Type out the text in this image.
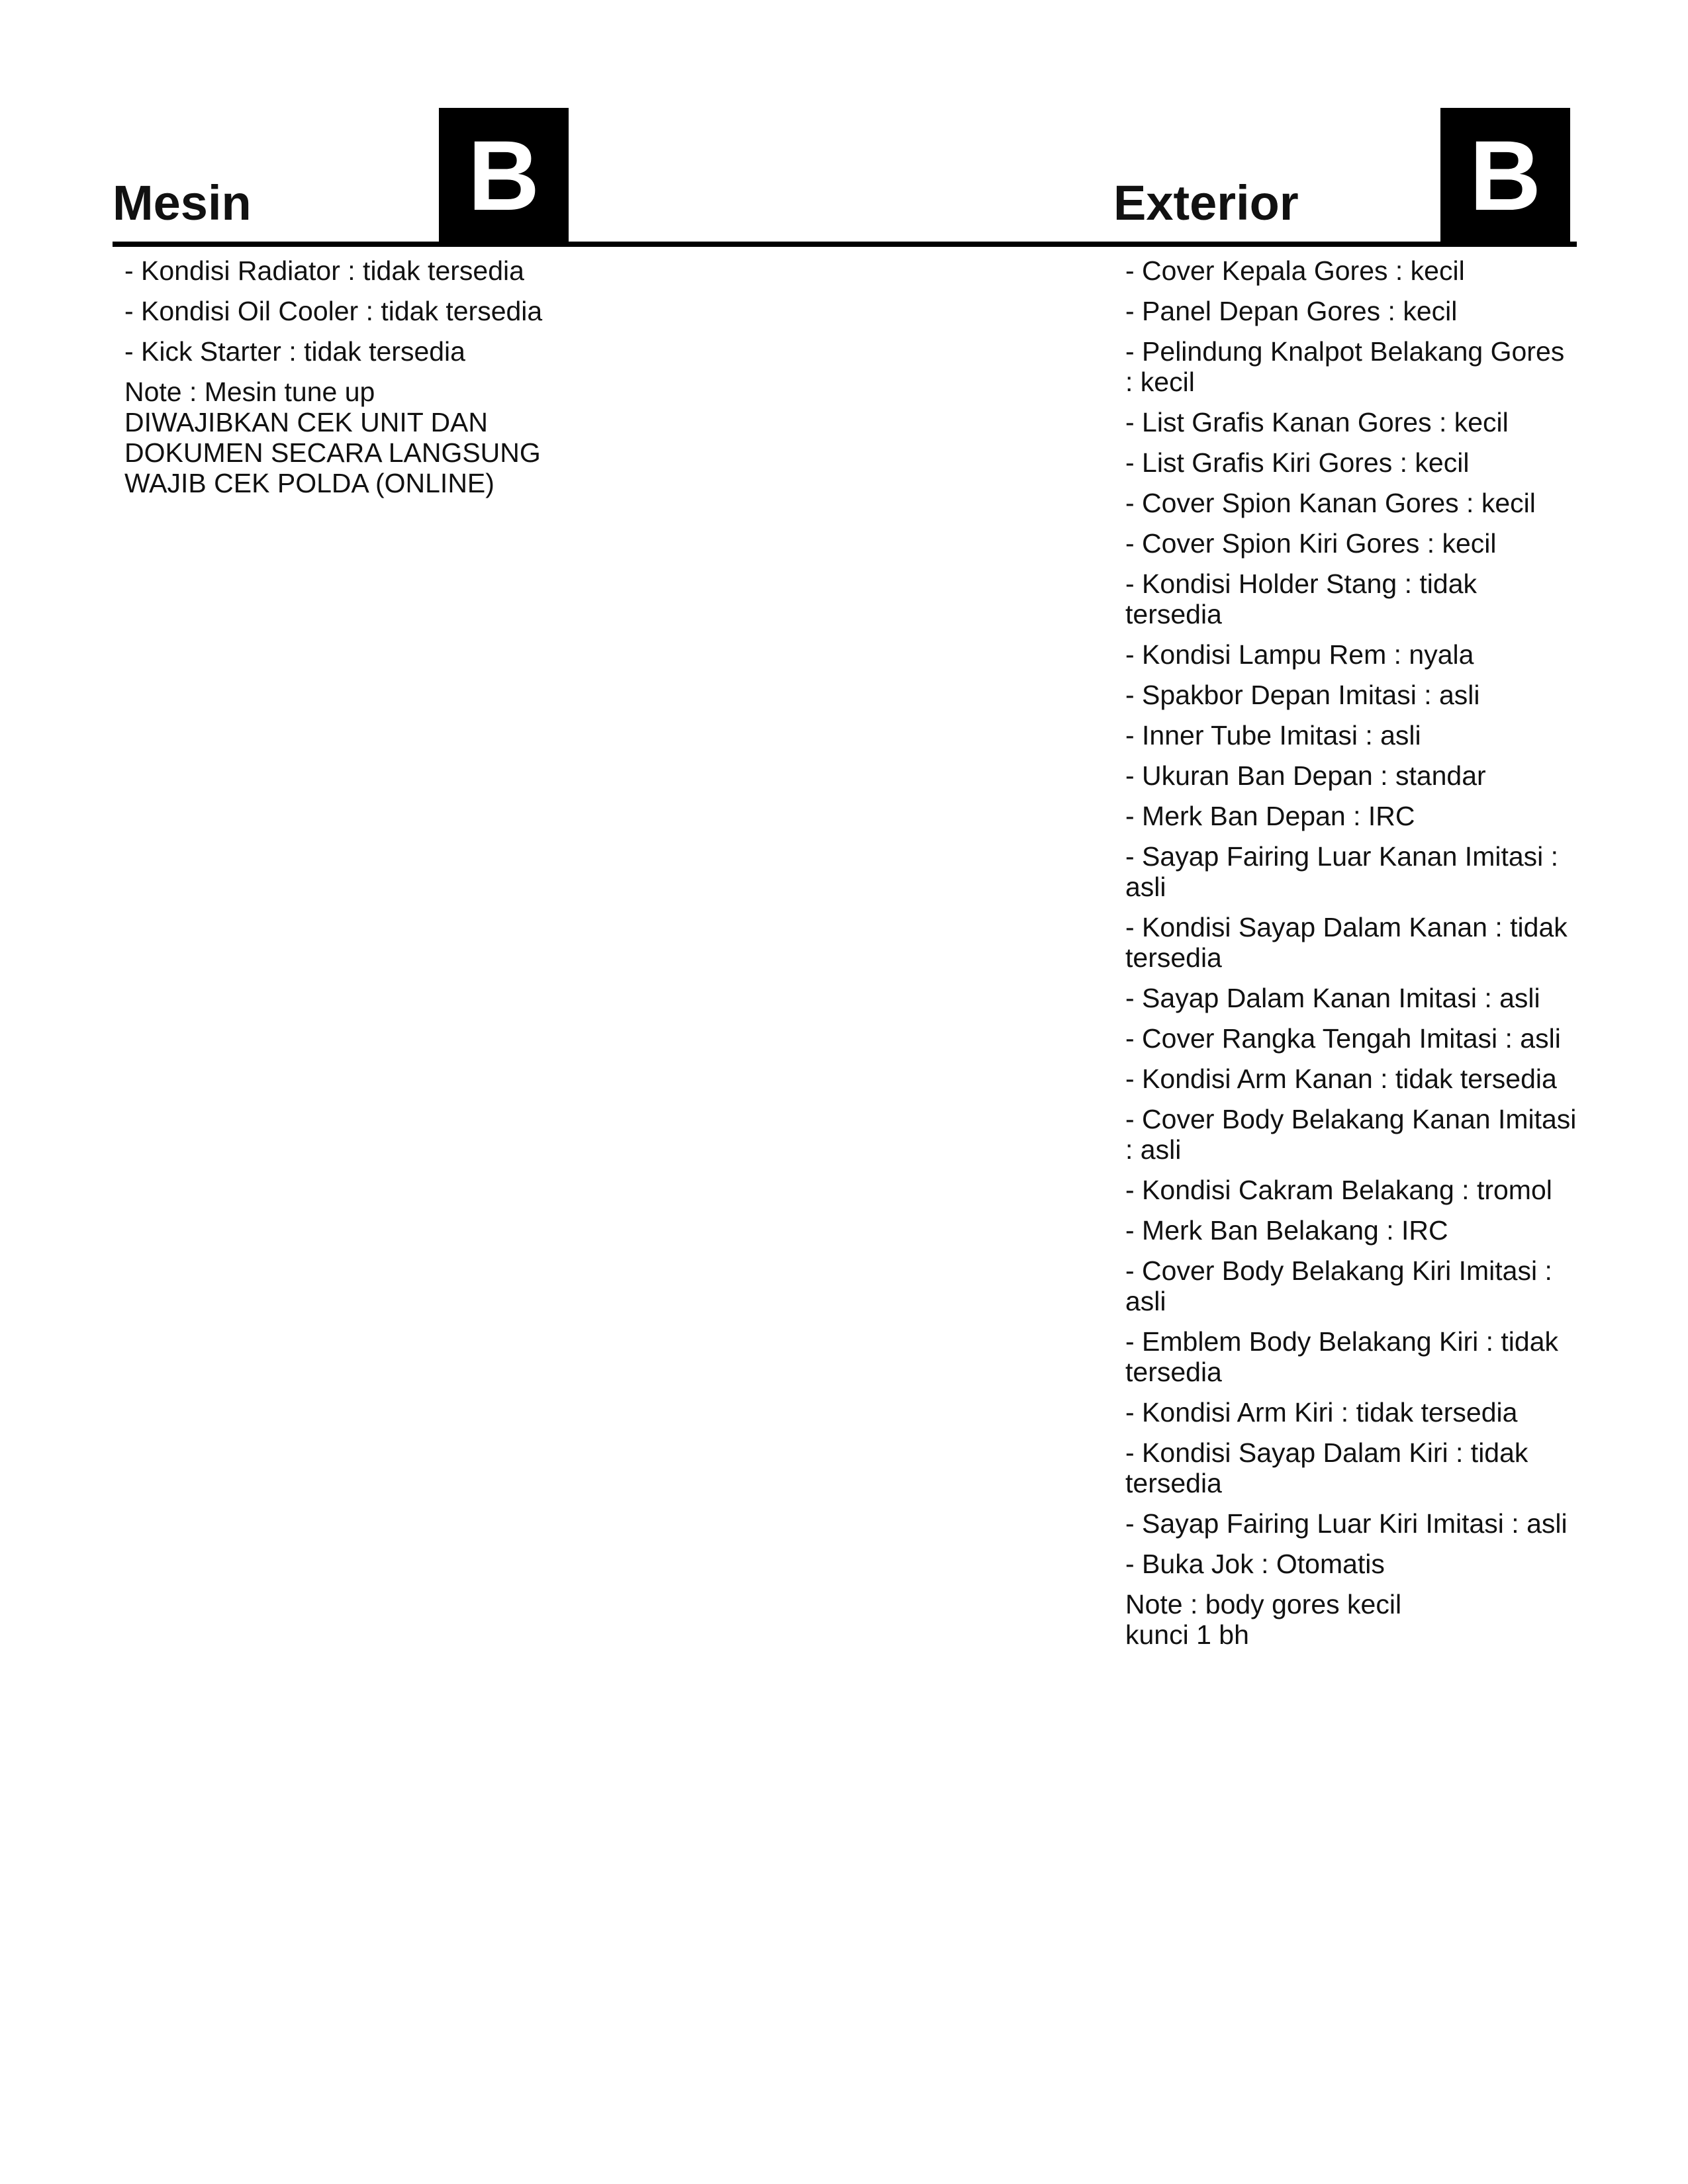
Mesin B
- Kondisi Radiator : tidak tersedia
- Kondisi Oil Cooler : tidak tersedia
- Kick Starter : tidak tersedia
Note : Mesin tune up
DIWAJIBKAN CEK UNIT DAN
DOKUMEN SECARA LANGSUNG
WAJIB CEK POLDA (ONLINE)
Exterior B
- Cover Kepala Gores : kecil
- Panel Depan Gores : kecil
- Pelindung Knalpot Belakang Gores : kecil
- List Grafis Kanan Gores : kecil
- List Grafis Kiri Gores : kecil
- Cover Spion Kanan Gores : kecil
- Cover Spion Kiri Gores : kecil
- Kondisi Holder Stang : tidak tersedia
- Kondisi Lampu Rem : nyala
- Spakbor Depan Imitasi : asli
- Inner Tube Imitasi : asli
- Ukuran Ban Depan : standar
- Merk Ban Depan : IRC
- Sayap Fairing Luar Kanan Imitasi : asli
- Kondisi Sayap Dalam Kanan : tidak tersedia
- Sayap Dalam Kanan Imitasi : asli
- Cover Rangka Tengah Imitasi : asli
- Kondisi Arm Kanan : tidak tersedia
- Cover Body Belakang Kanan Imitasi : asli
- Kondisi Cakram Belakang : tromol
- Merk Ban Belakang : IRC
- Cover Body Belakang Kiri Imitasi : asli
- Emblem Body Belakang Kiri : tidak tersedia
- Kondisi Arm Kiri : tidak tersedia
- Kondisi Sayap Dalam Kiri : tidak tersedia
- Sayap Fairing Luar Kiri Imitasi : asli
- Buka Jok : Otomatis
Note : body gores kecil
kunci 1 bh
